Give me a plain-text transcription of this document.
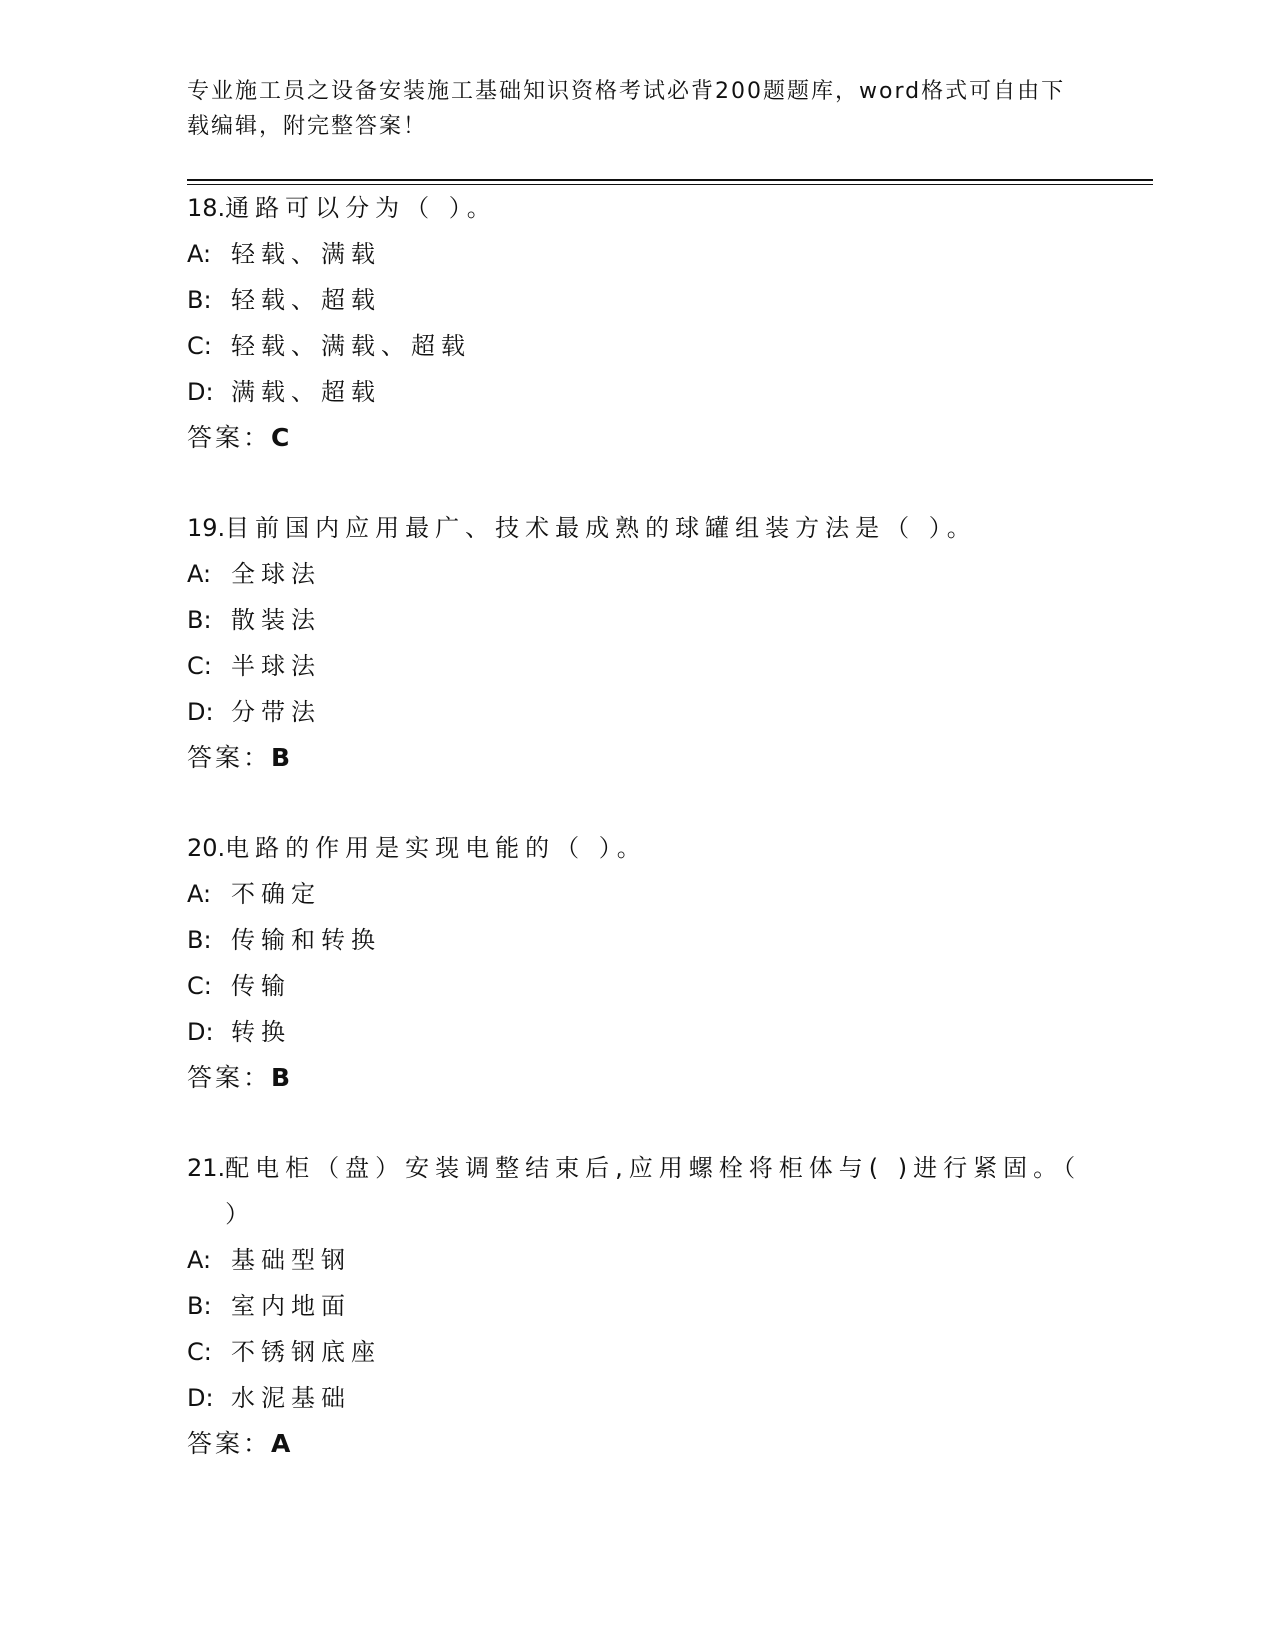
专业施工员之设备安装施工基础知识资格考试必背200题题库，word格式可自由下载编辑，附完整答案！
18. 通路可以分为（ ）。
A: 轻载、满载
B: 轻载、超载
C: 轻载、满载、超载
D: 满载、超载
答案：C
19. 目前国内应用最广、技术最成熟的球罐组装方法是（ ）。
A: 全球法
B: 散装法
C: 半球法
D: 分带法
答案：B
20. 电路的作用是实现电能的（ ）。
A: 不确定
B: 传输和转换
C: 传输
D: 转换
答案：B
21. 配电柜（盘）安装调整结束后,应用螺栓将柜体与( )进行紧固。（ ）
A: 基础型钢
B: 室内地面
C: 不锈钢底座
D: 水泥基础
答案：A
